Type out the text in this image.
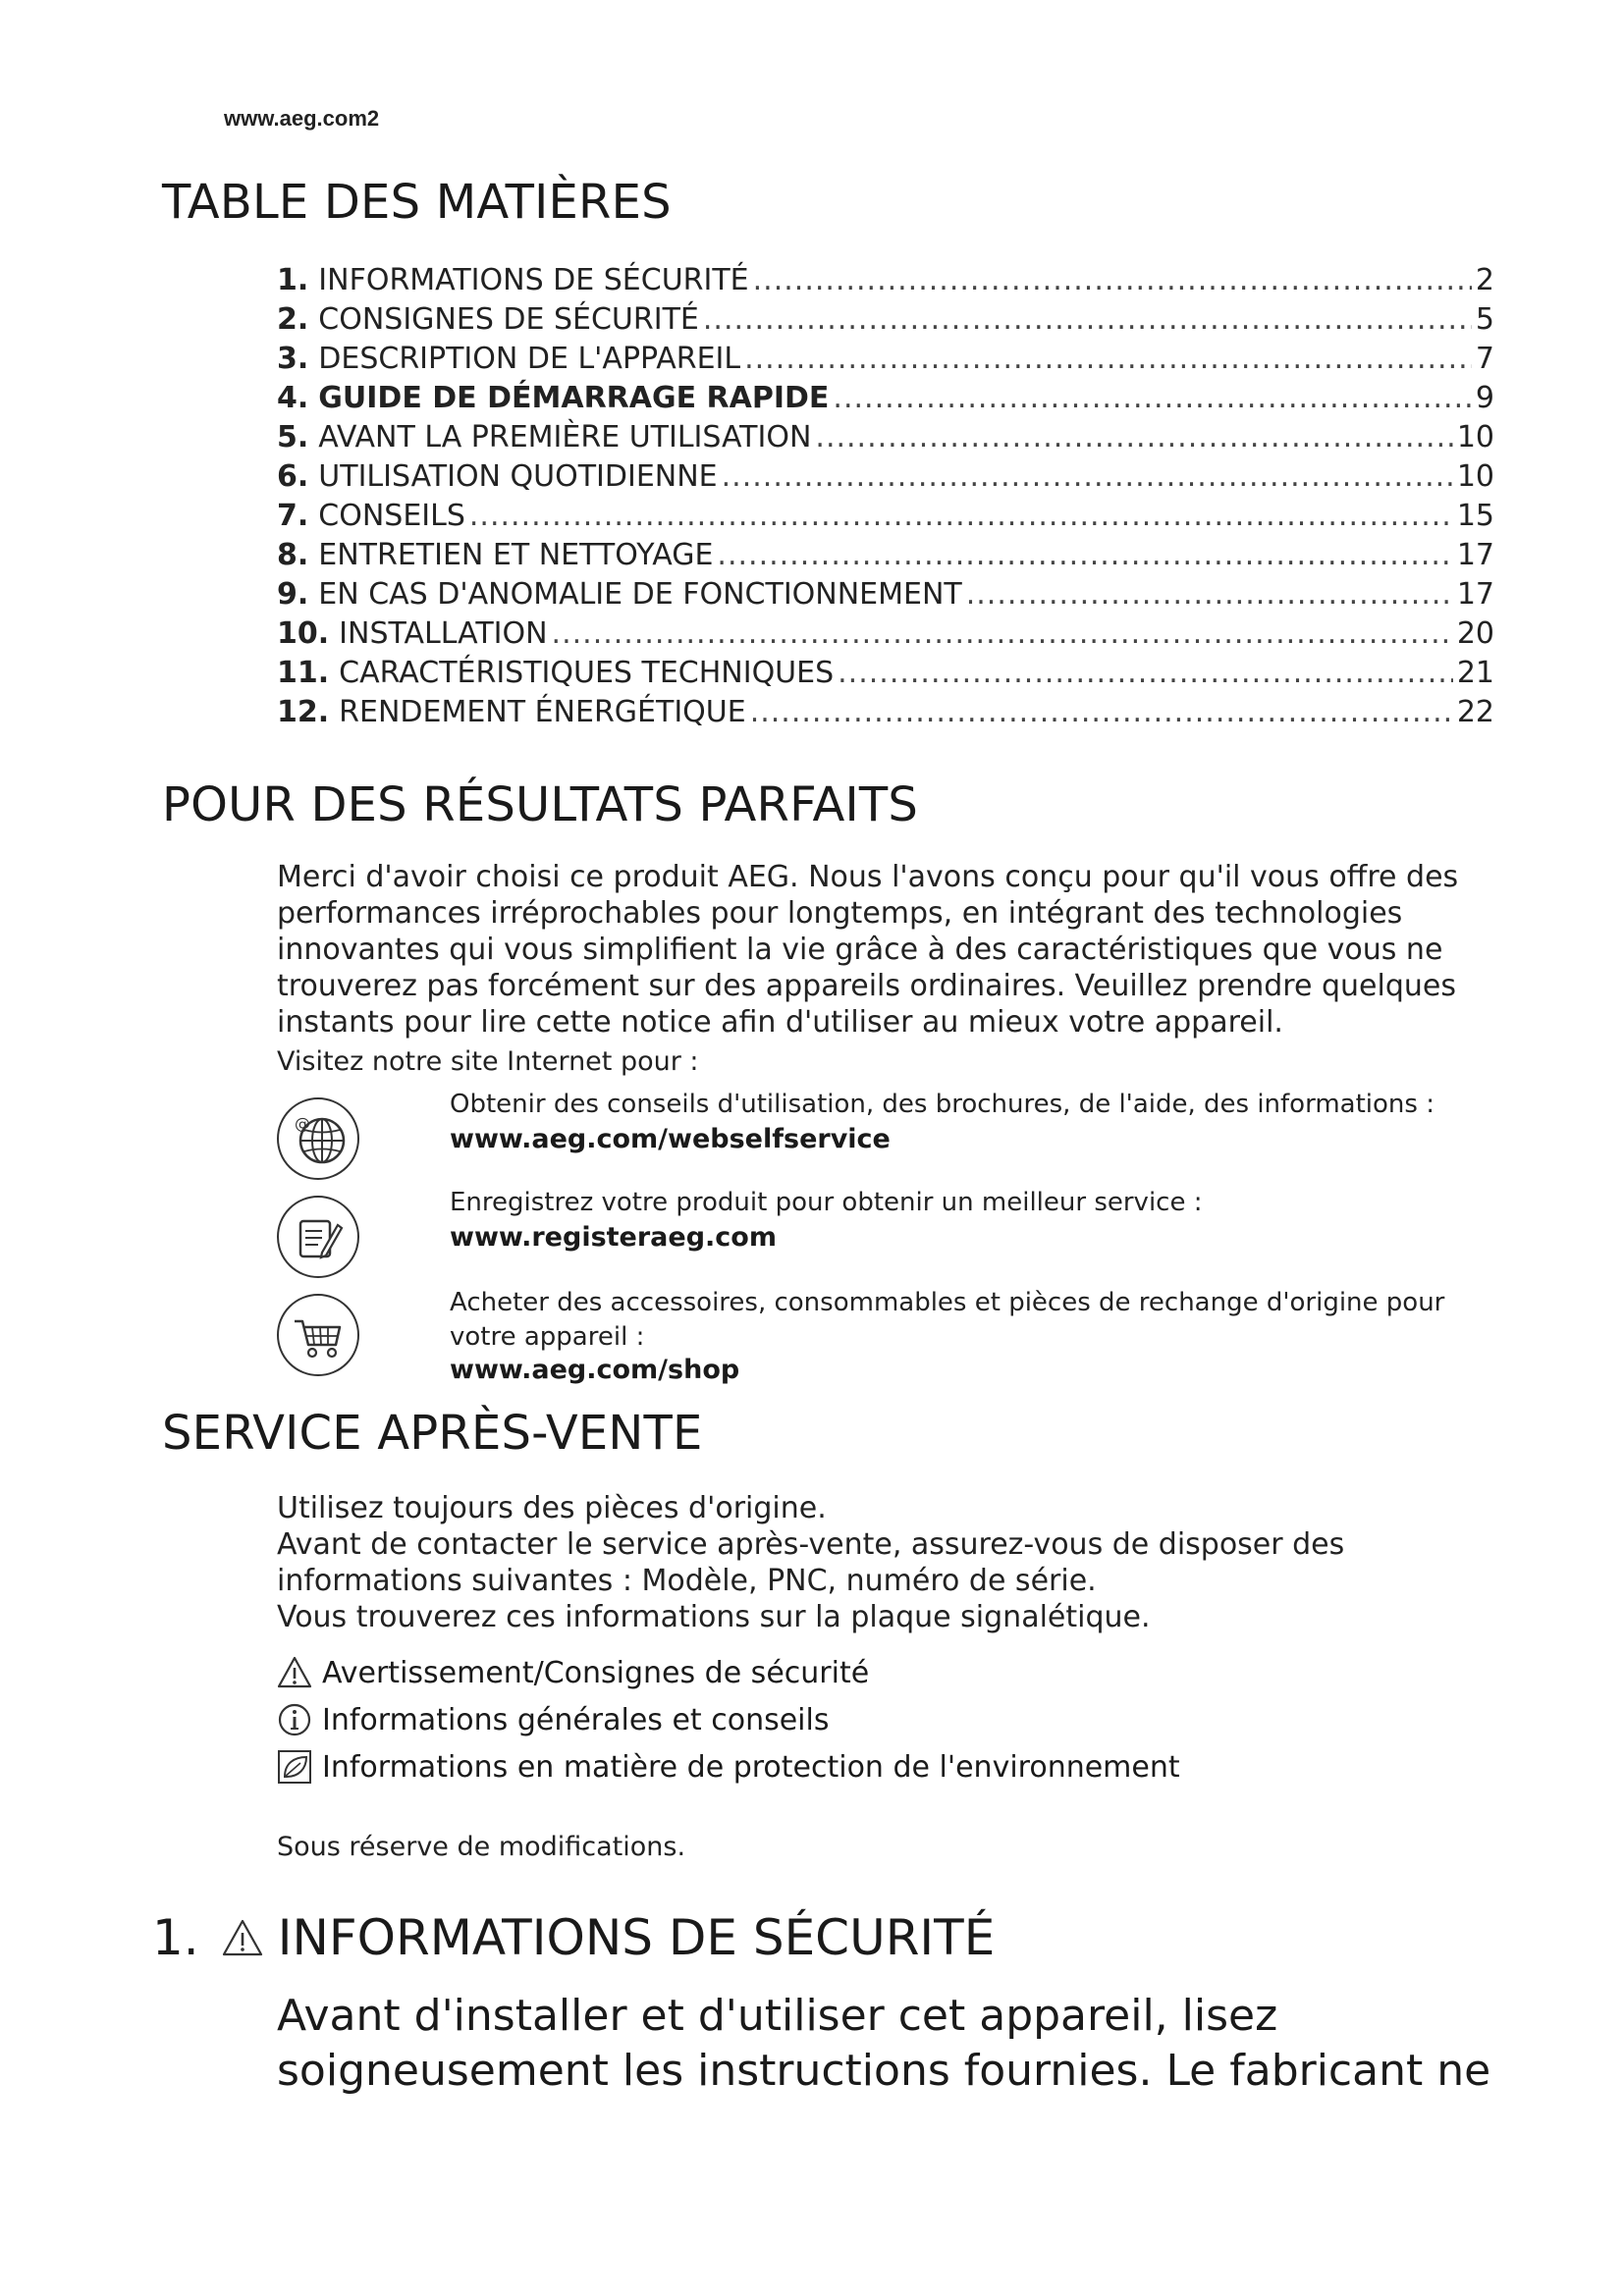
www.aeg.com2
TABLE DES MATIÈRES
1. INFORMATIONS DE SÉCURITÉ .....	2
2. CONSIGNES DE SÉCURITÉ .....	5
3. DESCRIPTION DE L'APPAREIL .....	7
4. GUIDE DE DÉMARRAGE RAPIDE .....	9
5. AVANT LA PREMIÈRE UTILISATION .....	10
6. UTILISATION QUOTIDIENNE .....	10
7. CONSEILS .....	15
8. ENTRETIEN ET NETTOYAGE .....	17
9. EN CAS D'ANOMALIE DE FONCTIONNEMENT .....	17
10. INSTALLATION .....	20
11. CARACTÉRISTIQUES TECHNIQUES .....	21
12. RENDEMENT ÉNERGÉTIQUE .....	22
POUR DES RÉSULTATS PARFAITS
Merci d'avoir choisi ce produit AEG. Nous l'avons conçu pour qu'il vous offre des
performances irréprochables pour longtemps, en intégrant des technologies
innovantes qui vous simplifient la vie grâce à des caractéristiques que vous ne
trouverez pas forcément sur des appareils ordinaires. Veuillez prendre quelques
instants pour lire cette notice afin d'utiliser au mieux votre appareil.
Visitez notre site Internet pour :
@
Obtenir des conseils d'utilisation, des brochures, de l'aide, des informations :
www.aeg.com/webselfservice
Enregistrez votre produit pour obtenir un meilleur service :
www.registeraeg.com
Acheter des accessoires, consommables et pièces de rechange d'origine pour
votre appareil :
www.aeg.com/shop
SERVICE APRÈS-VENTE
Utilisez toujours des pièces d'origine.
Avant de contacter le service après-vente, assurez-vous de disposer des
informations suivantes : Modèle, PNC, numéro de série.
Vous trouverez ces informations sur la plaque signalétique.
Avertissement/Consignes de sécurité
Informations générales et conseils
Informations en matière de protection de l'environnement
Sous réserve de modifications.
1. INFORMATIONS DE SÉCURITÉ
Avant d'installer et d'utiliser cet appareil, lisez
soigneusement les instructions fournies. Le fabricant ne
